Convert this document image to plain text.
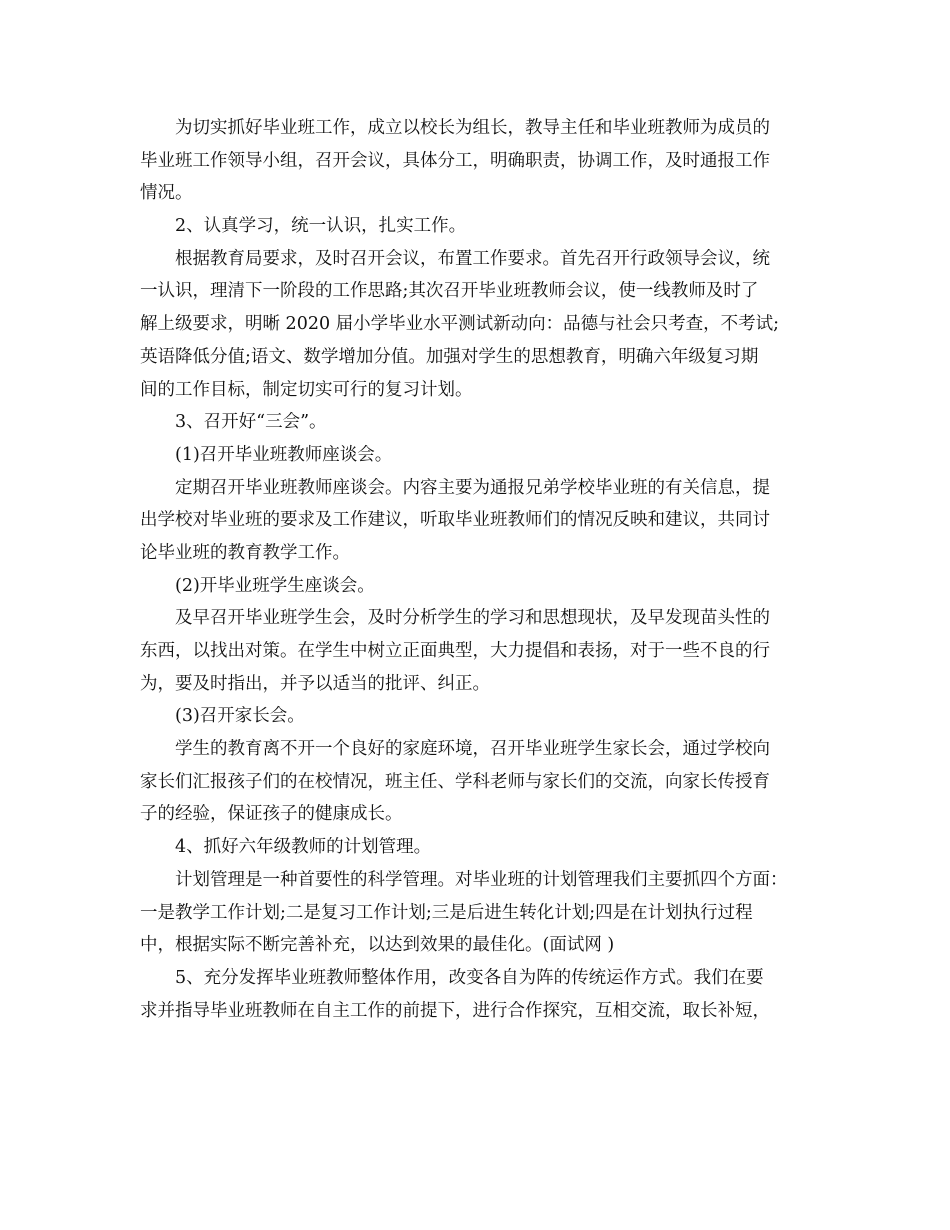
为切实抓好毕业班工作，成立以校长为组长，教导主任和毕业班教师为成员的
毕业班工作领导小组，召开会议，具体分工，明确职责，协调工作，及时通报工作
情况。
2、认真学习，统一认识，扎实工作。
根据教育局要求，及时召开会议，布置工作要求。首先召开行政领导会议，统
一认识，理清下一阶段的工作思路;其次召开毕业班教师会议，使一线教师及时了
解上级要求，明晰 2020 届小学毕业水平测试新动向：品德与社会只考查，不考试;
英语降低分值;语文、数学增加分值。加强对学生的思想教育，明确六年级复习期
间的工作目标，制定切实可行的复习计划。
3、召开好“三会”。
(1)召开毕业班教师座谈会。
定期召开毕业班教师座谈会。内容主要为通报兄弟学校毕业班的有关信息，提
出学校对毕业班的要求及工作建议，听取毕业班教师们的情况反映和建议，共同讨
论毕业班的教育教学工作。
(2)开毕业班学生座谈会。
及早召开毕业班学生会，及时分析学生的学习和思想现状，及早发现苗头性的
东西，以找出对策。在学生中树立正面典型，大力提倡和表扬，对于一些不良的行
为，要及时指出，并予以适当的批评、纠正。
(3)召开家长会。
学生的教育离不开一个良好的家庭环境，召开毕业班学生家长会，通过学校向
家长们汇报孩子们的在校情况，班主任、学科老师与家长们的交流，向家长传授育
子的经验，保证孩子的健康成长。
4、抓好六年级教师的计划管理。
计划管理是一种首要性的科学管理。对毕业班的计划管理我们主要抓四个方面：
一是教学工作计划;二是复习工作计划;三是后进生转化计划;四是在计划执行过程
中，根据实际不断完善补充，以达到效果的最佳化。(面试网 )
5、充分发挥毕业班教师整体作用，改变各自为阵的传统运作方式。我们在要
求并指导毕业班教师在自主工作的前提下，进行合作探究，互相交流，取长补短，
